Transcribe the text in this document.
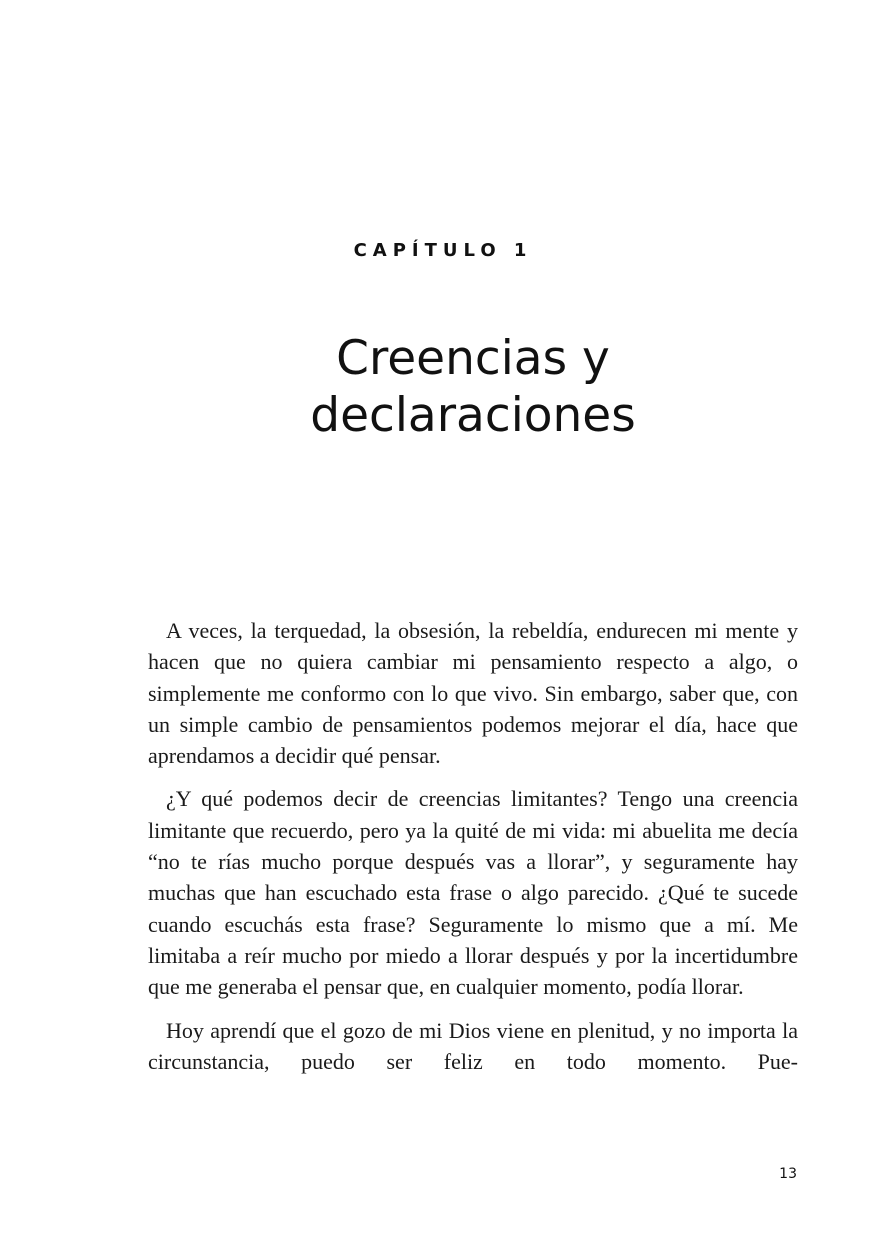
CAPÍTULO 1
Creencias y
declaraciones

A veces, la terquedad, la obsesión, la rebeldía, endurecen mi mente y hacen que no quiera cambiar mi pensamiento respecto a algo, o simplemente me conformo con lo que vivo. Sin embargo, saber que, con un simple cambio de pensamientos podemos mejorar el día, hace que aprendamos a decidir qué pensar.

¿Y qué podemos decir de creencias limitantes? Tengo una creencia limitante que recuerdo, pero ya la quité de mi vida: mi abuelita me decía “no te rías mucho porque después vas a llorar”, y seguramente hay muchas que han escuchado esta frase o algo parecido. ¿Qué te sucede cuando escuchás esta frase? Seguramente lo mismo que a mí. Me limitaba a reír mucho por miedo a llorar después y por la incertidumbre que me generaba el pensar que, en cualquier momento, podía llorar.

Hoy aprendí que el gozo de mi Dios viene en plenitud, y no importa la circunstancia, puedo ser feliz en todo momento. Pue-

13
